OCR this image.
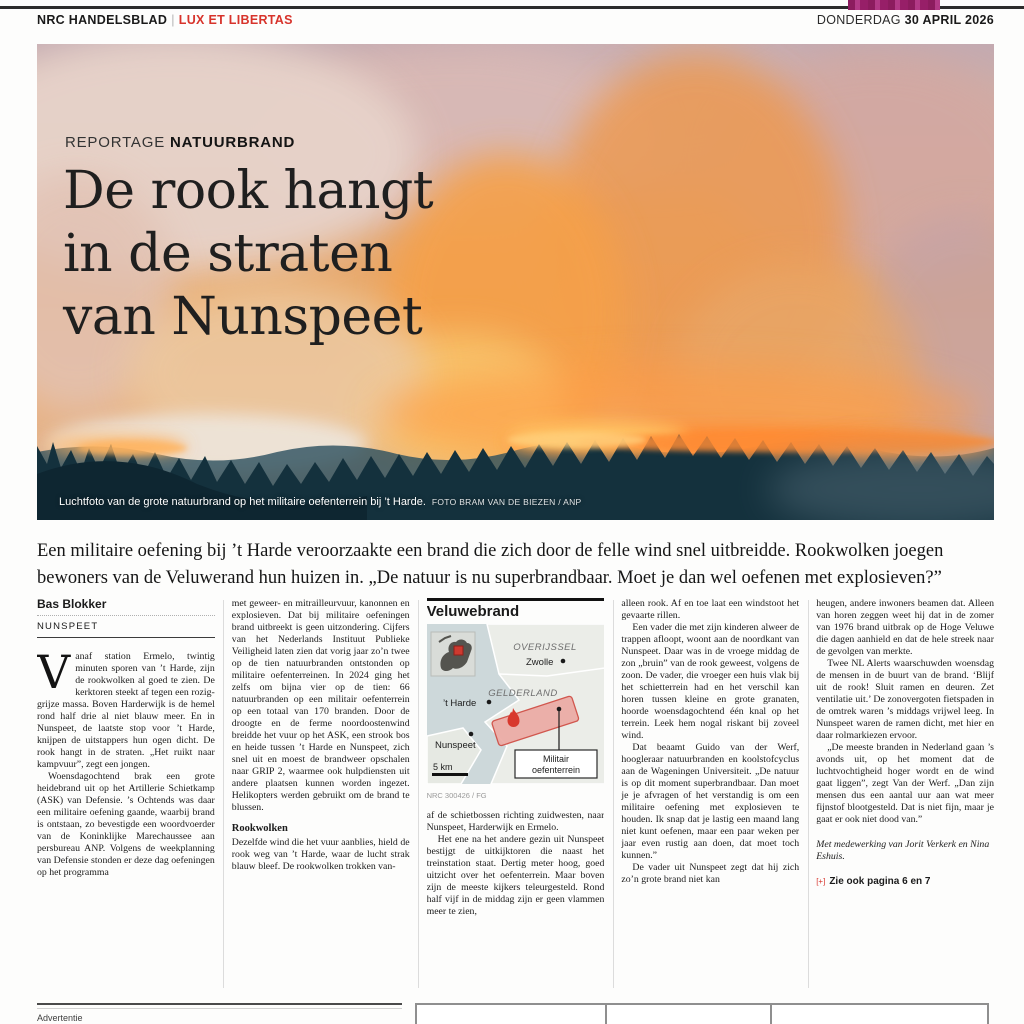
NRC HANDELSBLAD | LUX ET LIBERTAS	DONDERDAG 30 APRIL 2026
REPORTAGE NATUURBRAND
De rook hangt
in de straten
van Nunspeet
Luchtfoto van de grote natuurbrand op het militaire oefenterrein bij ’t Harde. FOTO BRAM VAN DE BIEZEN / ANP
Een militaire oefening bij ’t Harde veroorzaakte een brand die zich door de felle wind snel uitbreidde. Rookwolken joegen bewoners van de Veluwerand hun huizen in. „De natuur is nu superbrandbaar. Moet je dan wel oefenen met explosieven?”
Bas Blokker
NUNSPEET

Vanaf station Ermelo, twintig minuten sporen van ’t Harde, zijn de rookwolken al goed te zien. De kerktoren steekt af tegen een rozig-grijze massa. Boven Harderwijk is de hemel rond half drie al niet blauw meer. En in Nunspeet, de laatste stop voor ’t Harde, knijpen de uitstappers hun ogen dicht. De rook hangt in de straten. „Het ruikt naar kampvuur”, zegt een jongen.

Woensdagochtend brak een grote heidebrand uit op het Artillerie Schietkamp (ASK) van Defensie. ’s Ochtends was daar een militaire oefening gaande, waarbij brand is ontstaan, zo bevestigde een woordvoerder van de Koninklijke Marechaussee aan persbureau ANP. Volgens de weekplanning van Defensie stonden er deze dag oefeningen op het programma

met geweer- en mitrailleurvuur, kanonnen en explosieven. Dat bij militaire oefeningen brand uitbreekt is geen uitzondering. Cijfers van het Nederlands Instituut Publieke Veiligheid laten zien dat vorig jaar zo’n twee op de tien natuurbranden ontstonden op militaire oefenterreinen. In 2024 ging het zelfs om bijna vier op de tien: 66 natuurbranden op een militair oefenterrein op een totaal van 170 branden. Door de droogte en de ferme noordoostenwind breidde het vuur op het ASK, een strook bos en heide tussen ’t Harde en Nunspeet, zich snel uit en moest de brandweer opschalen naar GRIP 2, waarmee ook hulpdiensten uit andere plaatsen kunnen worden ingezet. Helikopters werden gebruikt om de brand te blussen.

Rookwolken

Dezelfde wind die het vuur aanblies, hield de rook weg van ’t Harde, waar de lucht strak blauw bleef. De rookwolken trokken van-

Veluwebrand
Militair
oefenterrein
OVERIJSSEL
Zwolle
GELDERLAND
’t Harde
Nunspeet
5 km
NRC 300426 / FG

af de schietbossen richting zuidwesten, naar Nunspeet, Harderwijk en Ermelo.

Het ene na het andere gezin uit Nunspeet bestijgt de uitkijktoren die naast het treinstation staat. Dertig meter hoog, goed uitzicht over het oefenterrein. Maar boven zijn de meeste kijkers teleurgesteld. Rond half vijf in de middag zijn er geen vlammen meer te zien,

alleen rook. Af en toe laat een windstoot het gevaarte rillen.

Een vader die met zijn kinderen alweer de trappen afloopt, woont aan de noordkant van Nunspeet. Daar was in de vroege middag de zon „bruin” van de rook geweest, volgens de zoon. De vader, die vroeger een huis vlak bij het schietterrein had en het verschil kan horen tussen kleine en grote granaten, hoorde woensdagochtend één knal op het terrein. Leek hem nogal riskant bij zoveel wind.

Dat beaamt Guido van der Werf, hoogleraar natuurbranden en koolstofcyclus aan de Wageningen Universiteit. „De natuur is op dit moment superbrandbaar. Dan moet je je afvragen of het verstandig is om een militaire oefening met explosieven te houden. Ik snap dat je lastig een maand lang niet kunt oefenen, maar een paar weken per jaar even rustig aan doen, dat moet toch kunnen.”

De vader uit Nunspeet zegt dat hij zich zo’n grote brand niet kan

heugen, andere inwoners beamen dat. Alleen van horen zeggen weet hij dat in de zomer van 1976 brand uitbrak op de Hoge Veluwe die dagen aanhield en dat de hele streek naar de gevolgen van merkte.

Twee NL Alerts waarschuwden woensdag de mensen in de buurt van de brand. ‘Blijf uit de rook! Sluit ramen en deuren. Zet ventilatie uit.’ De zonovergoten fietspaden in de omtrek waren ’s middags vrijwel leeg. In Nunspeet waren de ramen dicht, met hier en daar rolmarkiezen ervoor.

„De meeste branden in Nederland gaan ’s avonds uit, op het moment dat de luchtvochtigheid hoger wordt en de wind gaat liggen”, zegt Van der Werf. „Dan zijn mensen dus een aantal uur aan wat meer fijnstof blootgesteld. Dat is niet fijn, maar je gaat er ook niet dood van.”

Met medewerking van Jorit Verkerk en Nina Eshuis.

[+] Zie ook pagina 6 en 7

Advertentie
